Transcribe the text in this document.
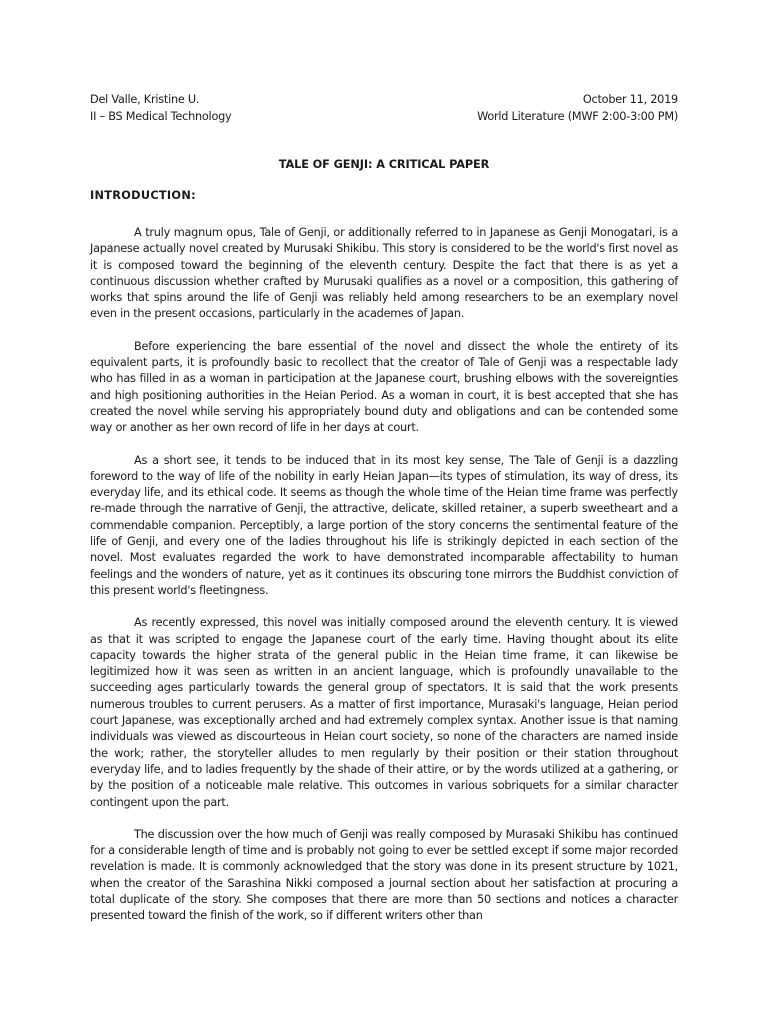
Del Valle, Kristine U.	October 11, 2019
II – BS Medical Technology	World Literature (MWF 2:00-3:00 PM)
TALE OF GENJI: A CRITICAL PAPER
INTRODUCTION:

A truly magnum opus, Tale of Genji, or additionally referred to in Japanese as Genji Monogatari, is a Japanese actually novel created by Murusaki Shikibu. This story is considered to be the world's first novel as it is composed toward the beginning of the eleventh century. Despite the fact that there is as yet a continuous discussion whether crafted by Murusaki qualifies as a novel or a composition, this gathering of works that spins around the life of Genji was reliably held among researchers to be an exemplary novel even in the present occasions, particularly in the academes of Japan.

Before experiencing the bare essential of the novel and dissect the whole the entirety of its equivalent parts, it is profoundly basic to recollect that the creator of Tale of Genji was a respectable lady who has filled in as a woman in participation at the Japanese court, brushing elbows with the sovereignties and high positioning authorities in the Heian Period. As a woman in court, it is best accepted that she has created the novel while serving his appropriately bound duty and obligations and can be contended some way or another as her own record of life in her days at court.

As a short see, it tends to be induced that in its most key sense, The Tale of Genji is a dazzling foreword to the way of life of the nobility in early Heian Japan—its types of stimulation, its way of dress, its everyday life, and its ethical code. It seems as though the whole time of the Heian time frame was perfectly re-made through the narrative of Genji, the attractive, delicate, skilled retainer, a superb sweetheart and a commendable companion. Perceptibly, a large portion of the story concerns the sentimental feature of the life of Genji, and every one of the ladies throughout his life is strikingly depicted in each section of the novel. Most evaluates regarded the work to have demonstrated incomparable affectability to human feelings and the wonders of nature, yet as it continues its obscuring tone mirrors the Buddhist conviction of this present world's fleetingness.

As recently expressed, this novel was initially composed around the eleventh century. It is viewed as that it was scripted to engage the Japanese court of the early time. Having thought about its elite capacity towards the higher strata of the general public in the Heian time frame, it can likewise be legitimized how it was seen as written in an ancient language, which is profoundly unavailable to the succeeding ages particularly towards the general group of spectators. It is said that the work presents numerous troubles to current perusers. As a matter of first importance, Murasaki's language, Heian period court Japanese, was exceptionally arched and had extremely complex syntax. Another issue is that naming individuals was viewed as discourteous in Heian court society, so none of the characters are named inside the work; rather, the storyteller alludes to men regularly by their position or their station throughout everyday life, and to ladies frequently by the shade of their attire, or by the words utilized at a gathering, or by the position of a noticeable male relative. This outcomes in various sobriquets for a similar character contingent upon the part.

The discussion over the how much of Genji was really composed by Murasaki Shikibu has continued for a considerable length of time and is probably not going to ever be settled except if some major recorded revelation is made. It is commonly acknowledged that the story was done in its present structure by 1021, when the creator of the Sarashina Nikki composed a journal section about her satisfaction at procuring a total duplicate of the story. She composes that there are more than 50 sections and notices a character presented toward the finish of the work, so if different writers other than
